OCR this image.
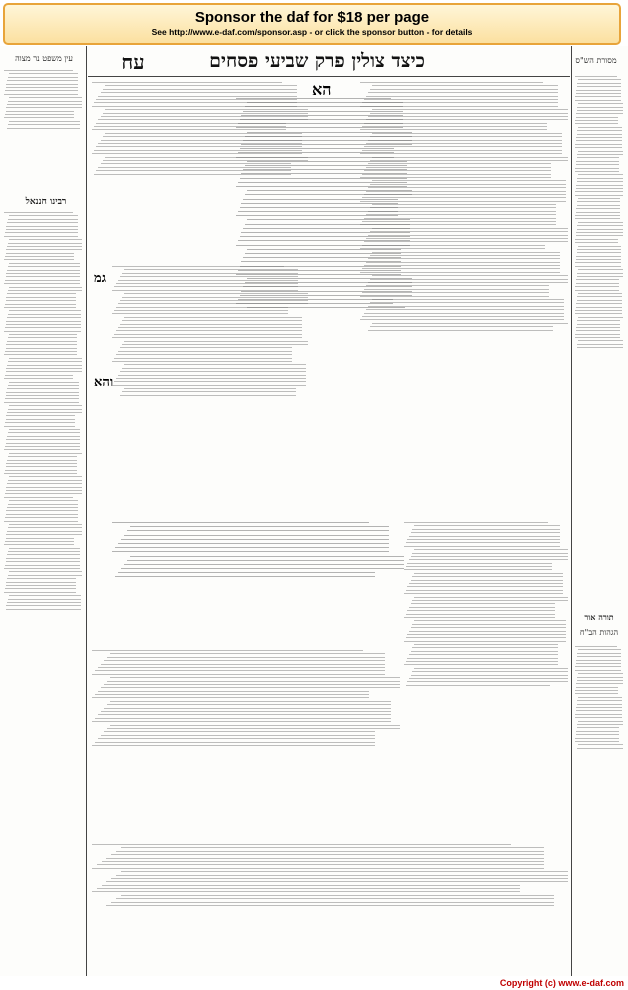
Sponsor the daf for $18 per page
See http://www.e-daf.com/sponsor.asp - or click the sponsor button - for details
כיצד צולין פרק שביעי פסחים
עח
עין משפט נר מצוה	מסורת הש"ס
הא
גמ
והא
רבינו חננאל
תורה אור
הגהות הב"ח
Copyright (c) www.e-daf.com
